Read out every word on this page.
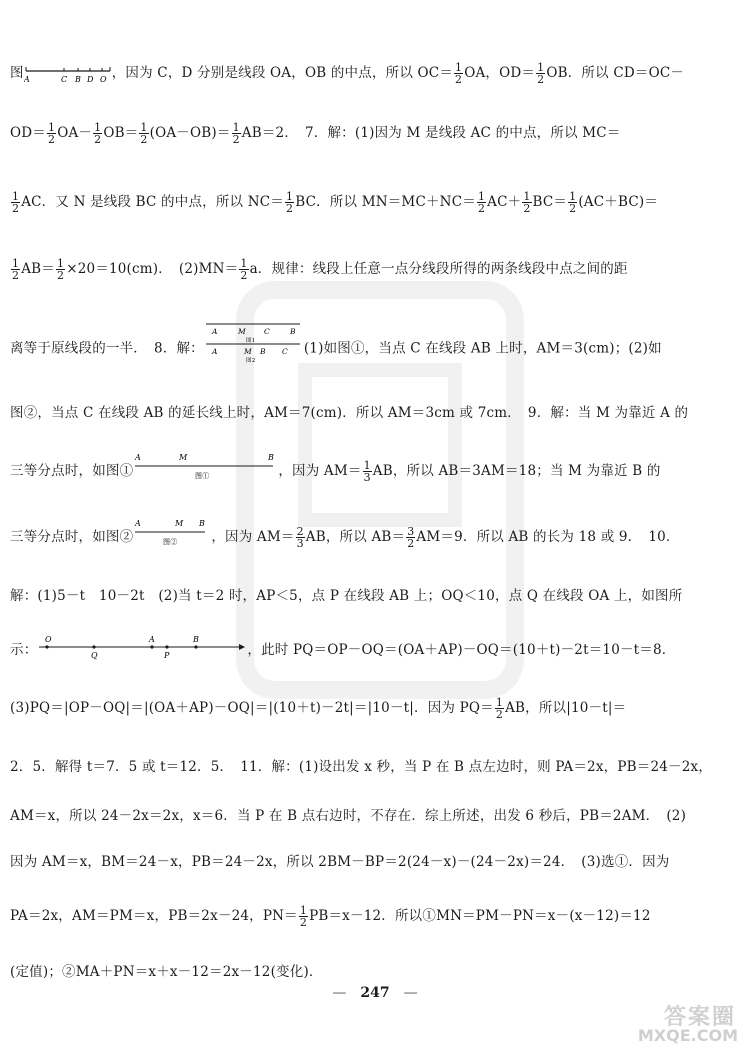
图 A	C B D O ，因为 C，D 分别是线段 OA，OB 的中点，所以 $OC= \frac{1}{2}$ OA，$OD= \frac{1}{2}$ OB．所以 CD＝OC－
$OD= \frac{1}{2} OA- \frac{1}{2} OB= \frac{1}{2} (OA-OB)= \frac{1}{2} AB=2$．　7．解：(1)因为 M 是线段 AC 的中点，所以 MC＝
$\frac{1}{2}$ AC．又 N 是线段 BC 的中点，所以 $NC= \frac{1}{2}$ BC．所以 $MN=MC+NC= \frac{1}{2} AC+ \frac{1}{2} BC= \frac{1}{2} (AC+BC)=$
$\frac{1}{2} AB= \frac{1}{2} \times 20=10(cm)$．　$(2)MN= \frac{1}{2}$ a．规律：线段上任意一点分线段所得的两条线段中点之间的距
离等于原线段的一半．　8．解：
A	M C	B
图1
A	M B C
图2
(1)如图①，当点 C 在线段 AB 上时，AM＝3(cm)；(2)如
图②，当点 C 在线段 AB 的延长线上时，AM＝7(cm)．所以 AM＝3cm 或 7cm．　9．解：当 M 为靠近 A 的
三等分点时，如图①
A	M	B
图①	，因为 $AM= \frac{1}{3}$ AB，所以 AB＝3AM＝18；当 M 为靠近 B 的
三等分点时，如图②
A	M B
图② ，因为 $AM= \frac{2}{3}$ AB，所以 $AB= \frac{3}{2} AM=9$．所以 AB 的长为 18 或 9．　10．
解：(1)5－t　10－2t　(2)当 t＝2 时，AP＜5，点 P 在线段 AB 上；OQ＜10，点 Q 在线段 OA 上，如图所
示：
O	A	B
Q	P	，此时 PQ＝OP－OQ＝(OA＋AP)－OQ＝(10＋t)－2t＝10－t＝8．
(3)PQ＝|OP－OQ|＝|(OA＋AP)－OQ|＝|(10＋t)－2t|＝|10－t|．因为 $PQ= \frac{1}{2}$ AB，所以|10－t|＝
2．5．解得 t＝7．5 或 t＝12．5．　11．解：(1)设出发 x 秒，当 P 在 B 点左边时，则 PA＝2x，PB＝24－2x，
AM＝x，所以 24－2x＝2x，x＝6．当 P 在 B 点右边时，不存在．综上所述，出发 6 秒后，PB＝2AM．　(2)
因为 AM＝x，BM＝24－x，PB＝24－2x，所以 2BM－BP＝2(24－x)－(24－2x)＝24．　(3)选①．因为
PA＝2x，AM＝PM＝x，PB＝2x－24，$PN= \frac{1}{2} PB=x-12$．所以①MN＝PM－PN＝x－(x－12)＝12
(定值)；②MA＋PN＝x＋x－12＝2x－12(变化)．
—　247　—
答案圈
MXQE.COM
